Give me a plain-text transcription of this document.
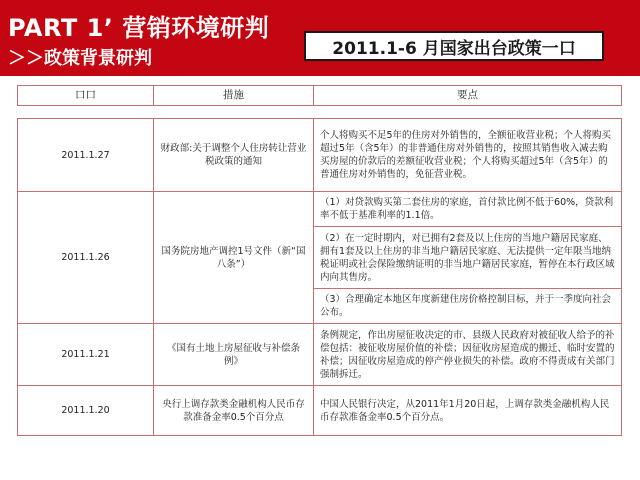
PART 1’ 营销环境研判
＞＞政策背景研判	2011.1-6 月国家出台政策一口
口口	措施	要点
2011.1.27	财政部:关于调整个人住房转让营业税政策的通知	个人将购买不足5年的住房对外销售的，全额征收营业税；个人将购买超过5年（含5年）的非普通住房对外销售的，按照其销售收入减去购买房屋的价款后的差额征收营业税；个人将购买超过5年（含5年）的普通住房对外销售的，免征营业税。
2011.1.26	国务院房地产调控1号文件（新“国八条”）	（1）对贷款购买第二套住房的家庭，首付款比例不低于60%，贷款利率不低于基准利率的1.1倍。
		（2）在一定时期内，对已拥有2套及以上住房的当地户籍居民家庭、拥有1套及以上住房的非当地户籍居民家庭、无法提供一定年限当地纳税证明或社会保险缴纳证明的非当地户籍居民家庭，暂停在本行政区域内向其售房。
		（3）合理确定本地区年度新建住房价格控制目标，并于一季度向社会公布。
2011.1.21	《国有土地上房屋征收与补偿条例》	条例规定，作出房屋征收决定的市、县级人民政府对被征收人给予的补偿包括：被征收房屋价值的补偿；因征收房屋造成的搬迁、临时安置的补偿；因征收房屋造成的停产停业损失的补偿。政府不得责成有关部门强制拆迁。
2011.1.20	央行上调存款类金融机构人民币存款准备金率0.5个百分点	中国人民银行决定，从2011年1月20日起，上调存款类金融机构人民币存款准备金率0.5个百分点。
